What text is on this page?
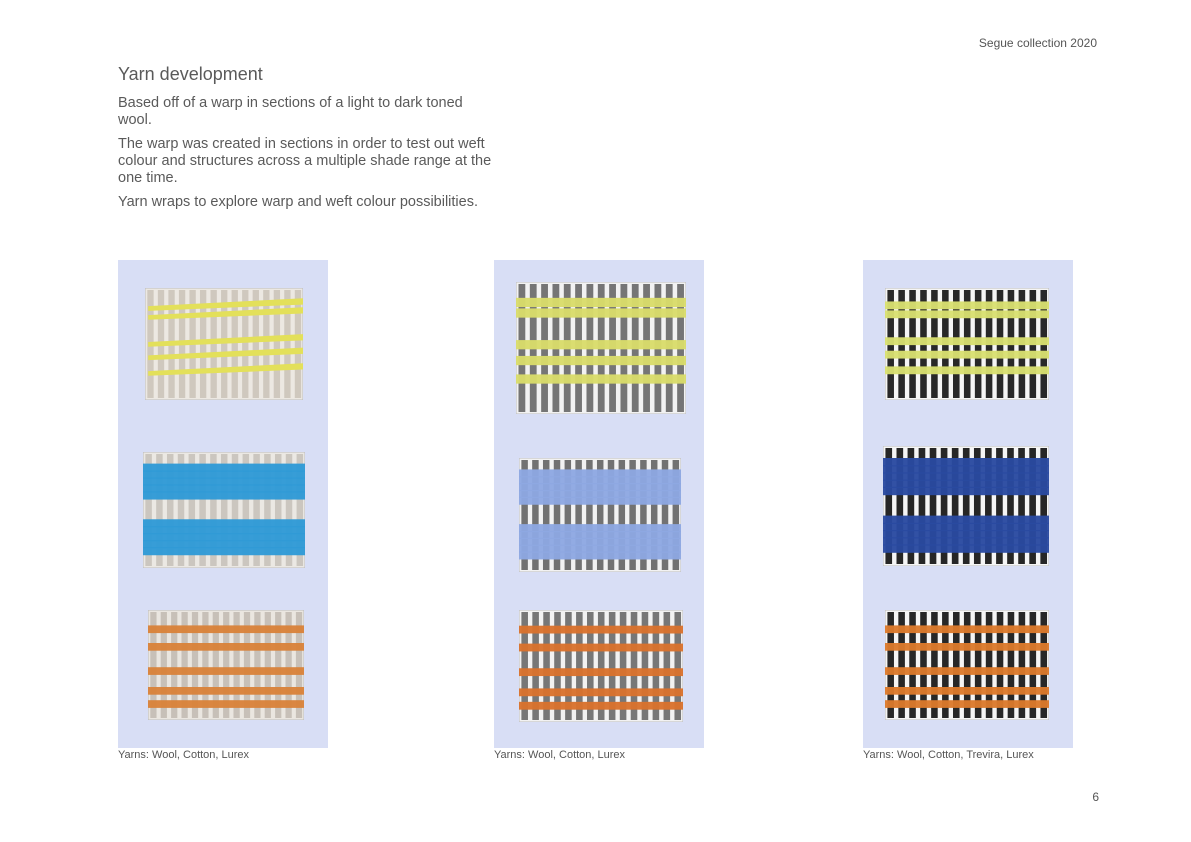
Segue collection 2020
Yarn development

Based off of a warp in sections of a light to dark toned wool.

The warp was created in sections in order to test out weft colour and structures across a multiple shade range at the one time.

Yarn wraps to explore warp and weft colour possibilities.

Yarns: Wool, Cotton, Lurex	Yarns: Wool, Cotton, Lurex	Yarns: Wool, Cotton, Trevira, Lurex
6
